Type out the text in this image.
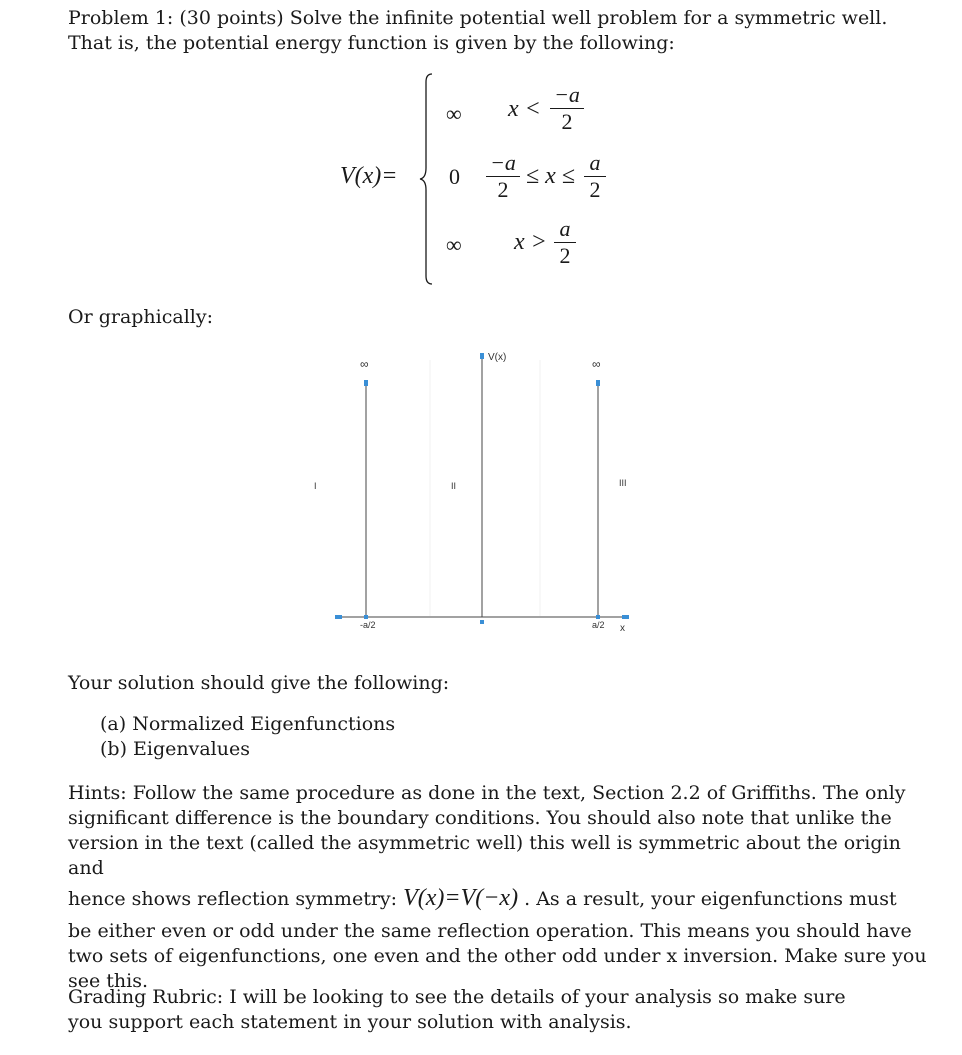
Problem 1: (30 points) Solve the infinite potential well problem for a symmetric well. That is, the potential energy function is given by the following:
V(x)=
∞ x <
−a
2
0
−a
2
≤ x ≤
a
2
∞ x >
a
2
Or graphically:
I	II	III
V(x)
x
∞	∞
-a/2	a/2
Your solution should give the following:
(a) Normalized Eigenfunctions
(b) Eigenvalues
Hints: Follow the same procedure as done in the text, Section 2.2 of Griffiths. The only
significant difference is the boundary conditions. You should also note that unlike the
version in the text (called the asymmetric well) this well is symmetric about the origin and
hence shows reflection symmetry: V(x)=V(−x) . As a result, your eigenfunctions must
be either even or odd under the same reflection operation. This means you should have
two sets of eigenfunctions, one even and the other odd under x inversion. Make sure you
see this.
Grading Rubric: I will be looking to see the details of your analysis so make sure you support each statement in your solution with analysis.
